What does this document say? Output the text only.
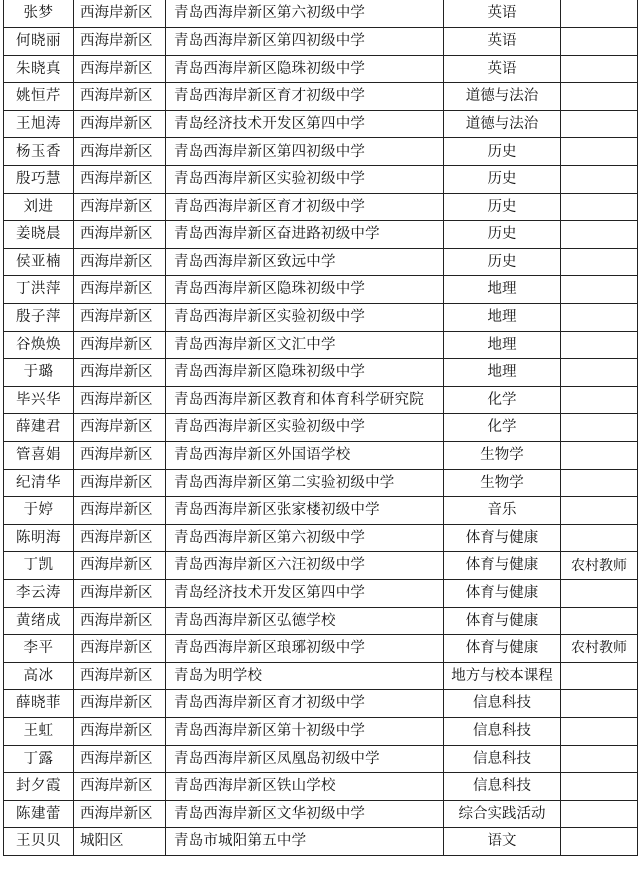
张梦	西海岸新区	青岛西海岸新区第六初级中学	英语	
何晓丽	西海岸新区	青岛西海岸新区第四初级中学	英语	
朱晓真	西海岸新区	青岛西海岸新区隐珠初级中学	英语	
姚恒芹	西海岸新区	青岛西海岸新区育才初级中学	道德与法治	
王旭涛	西海岸新区	青岛经济技术开发区第四中学	道德与法治	
杨玉香	西海岸新区	青岛西海岸新区第四初级中学	历史	
殷巧慧	西海岸新区	青岛西海岸新区实验初级中学	历史	
刘进	西海岸新区	青岛西海岸新区育才初级中学	历史	
姜晓晨	西海岸新区	青岛西海岸新区奋进路初级中学	历史	
侯亚楠	西海岸新区	青岛西海岸新区致远中学	历史	
丁洪萍	西海岸新区	青岛西海岸新区隐珠初级中学	地理	
殷子萍	西海岸新区	青岛西海岸新区实验初级中学	地理	
谷焕焕	西海岸新区	青岛西海岸新区文汇中学	地理	
于璐	西海岸新区	青岛西海岸新区隐珠初级中学	地理	
毕兴华	西海岸新区	青岛西海岸新区教育和体育科学研究院	化学	
薛建君	西海岸新区	青岛西海岸新区实验初级中学	化学	
管喜娟	西海岸新区	青岛西海岸新区外国语学校	生物学	
纪清华	西海岸新区	青岛西海岸新区第二实验初级中学	生物学	
于婷	西海岸新区	青岛西海岸新区张家楼初级中学	音乐	
陈明海	西海岸新区	青岛西海岸新区第六初级中学	体育与健康	
丁凯	西海岸新区	青岛西海岸新区六汪初级中学	体育与健康	农村教师
李云涛	西海岸新区	青岛经济技术开发区第四中学	体育与健康	
黄绪成	西海岸新区	青岛西海岸新区弘德学校	体育与健康	
李平	西海岸新区	青岛西海岸新区琅琊初级中学	体育与健康	农村教师
高冰	西海岸新区	青岛为明学校	地方与校本课程	
薛晓菲	西海岸新区	青岛西海岸新区育才初级中学	信息科技	
王虹	西海岸新区	青岛西海岸新区第十初级中学	信息科技	
丁露	西海岸新区	青岛西海岸新区凤凰岛初级中学	信息科技	
封夕霞	西海岸新区	青岛西海岸新区铁山学校	信息科技	
陈建蕾	西海岸新区	青岛西海岸新区文华初级中学	综合实践活动	
王贝贝	城阳区	青岛市城阳第五中学	语文	
